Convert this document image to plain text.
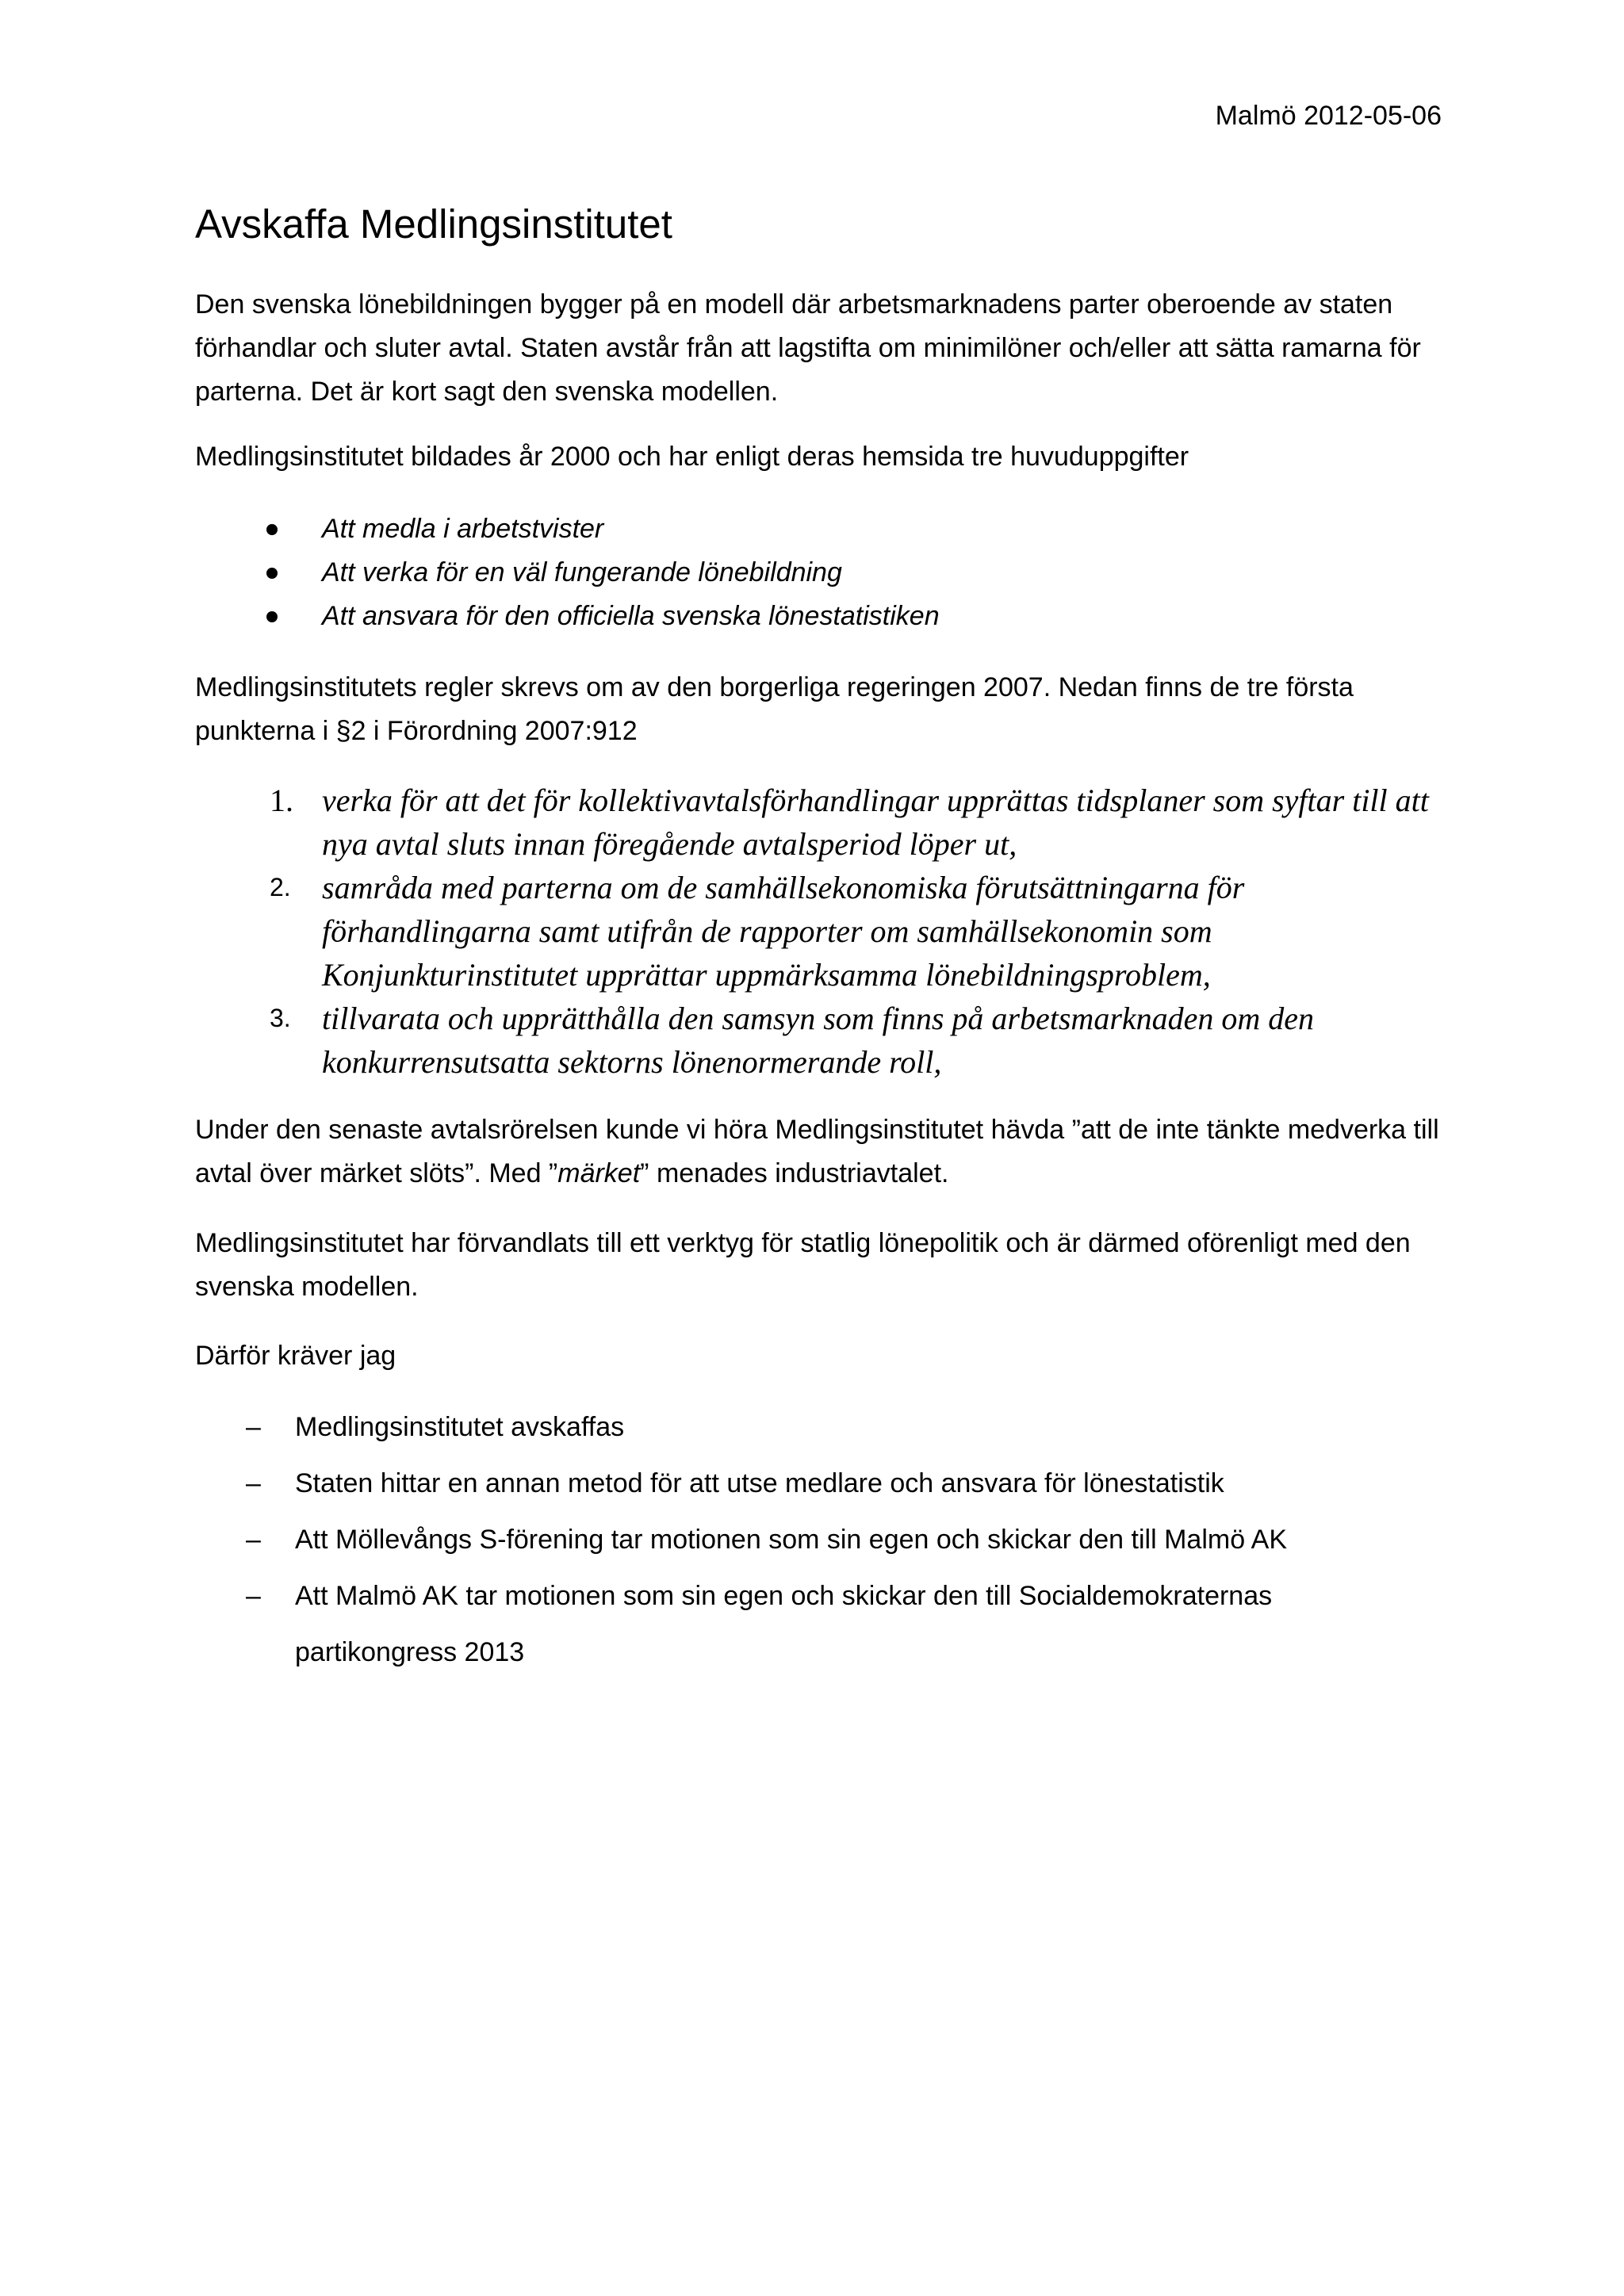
Malmö 2012-05-06

Avskaffa Medlingsinstitutet

Den svenska lönebildningen bygger på en modell där arbetsmarknadens parter oberoende av staten förhandlar och sluter avtal. Staten avstår från att lagstifta om minimilöner och/eller att sätta ramarna för parterna. Det är kort sagt den svenska modellen.

Medlingsinstitutet bildades år 2000 och har enligt deras hemsida tre huvuduppgifter

Att medla i arbetstvister
Att verka för en väl fungerande lönebildning
Att ansvara för den officiella svenska lönestatistiken

Medlingsinstitutets regler skrevs om av den borgerliga regeringen 2007. Nedan finns de tre första punkterna i §2 i Förordning 2007:912

1. verka för att det för kollektivavtalsförhandlingar upprättas tidsplaner som syftar till att nya avtal sluts innan föregående avtalsperiod löper ut,
2. samråda med parterna om de samhällsekonomiska förutsättningarna för förhandlingarna samt utifrån de rapporter om samhällsekonomin som Konjunkturinstitutet upprättar uppmärksamma lönebildningsproblem,
3. tillvarata och upprätthålla den samsyn som finns på arbetsmarknaden om den konkurrensutsatta sektorns lönenormerande roll,

Under den senaste avtalsrörelsen kunde vi höra Medlingsinstitutet hävda ”att de inte tänkte medverka till avtal över märket slöts”. Med ”märket” menades industriavtalet.

Medlingsinstitutet har förvandlats till ett verktyg för statlig lönepolitik och är därmed oförenligt med den svenska modellen.

Därför kräver jag

– Medlingsinstitutet avskaffas
– Staten hittar en annan metod för att utse medlare och ansvara för lönestatistik
– Att Möllevångs S-förening tar motionen som sin egen och skickar den till Malmö AK
– Att Malmö AK tar motionen som sin egen och skickar den till Socialdemokraternas partikongress 2013
